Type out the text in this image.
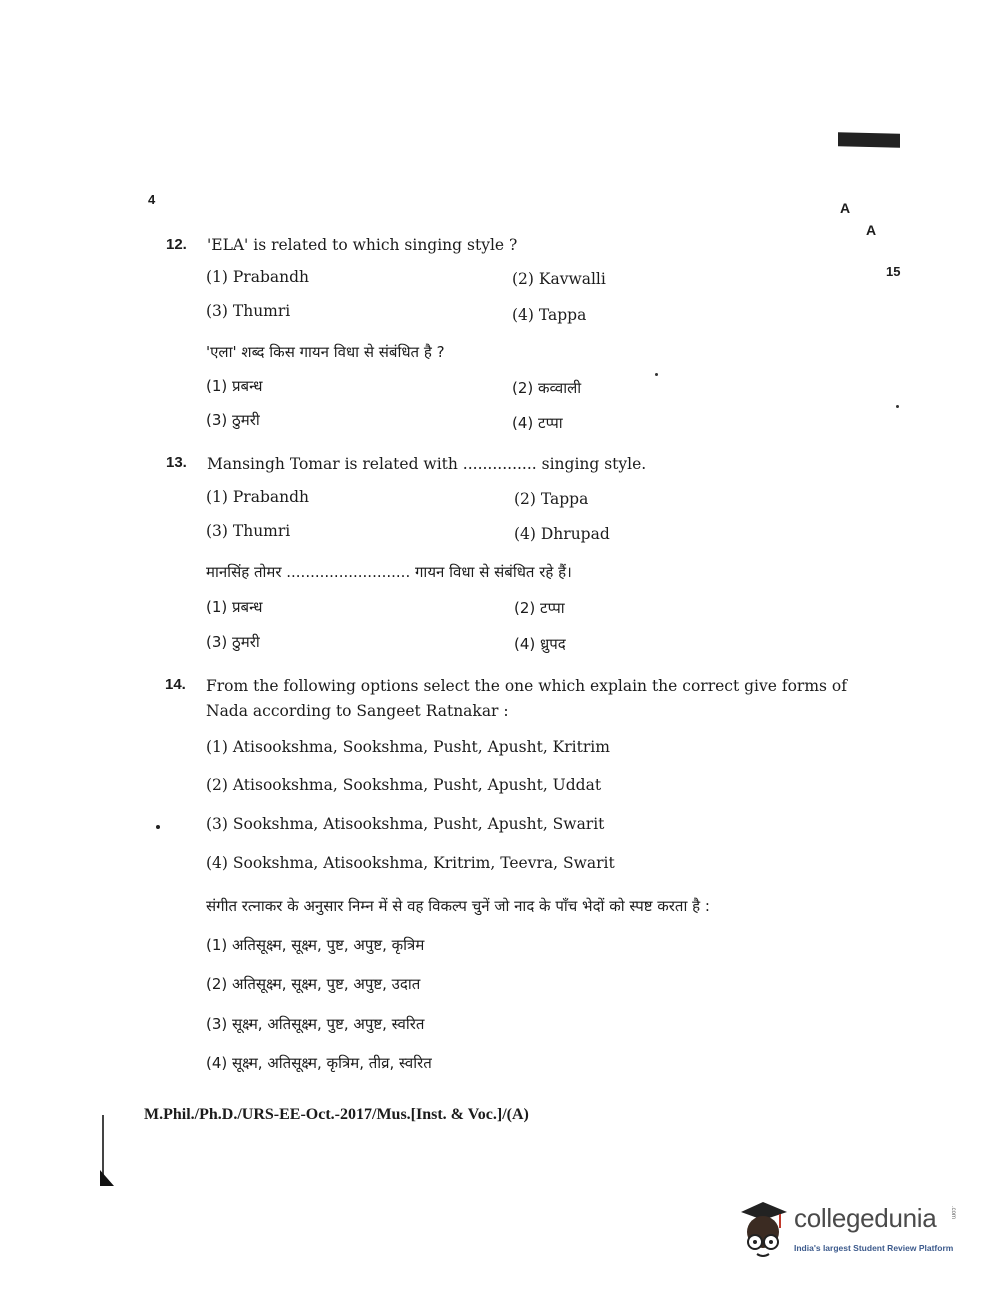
4
A
A
15
12. 'ELA' is related to which singing style ?
(1) Prabandh	(2) Kavwalli
(3) Thumri	(4) Tappa
'एला' शब्द किस गायन विधा से संबंधित है ?
(1) प्रबन्ध	(2) कव्वाली
(3) ठुमरी	(4) टप्पा
13. Mansingh Tomar is related with ............... singing style.
(1) Prabandh	(2) Tappa
(3) Thumri	(4) Dhrupad
मानसिंह तोमर .......................... गायन विधा से संबंधित रहे हैं।
(1) प्रबन्ध	(2) टप्पा
(3) ठुमरी	(4) ध्रुपद
14. From the following options select the one which explain the correct give forms of
Nada according to Sangeet Ratnakar :
(1) Atisookshma, Sookshma, Pusht, Apusht, Kritrim
(2) Atisookshma, Sookshma, Pusht, Apusht, Uddat
(3) Sookshma, Atisookshma, Pusht, Apusht, Swarit
(4) Sookshma, Atisookshma, Kritrim, Teevra, Swarit
संगीत रत्नाकर के अनुसार निम्न में से वह विकल्प चुनें जो नाद के पाँच भेदों को स्पष्ट करता है :
(1) अतिसूक्ष्म, सूक्ष्म, पुष्ट, अपुष्ट, कृत्रिम
(2) अतिसूक्ष्म, सूक्ष्म, पुष्ट, अपुष्ट, उदात
(3) सूक्ष्म, अतिसूक्ष्म, पुष्ट, अपुष्ट, स्वरित
(4) सूक्ष्म, अतिसूक्ष्म, कृत्रिम, तीव्र, स्वरित
M.Phil./Ph.D./URS-EE-Oct.-2017/Mus.[Inst. & Voc.]/(A)
collegedunia .com
India's largest Student Review Platform
